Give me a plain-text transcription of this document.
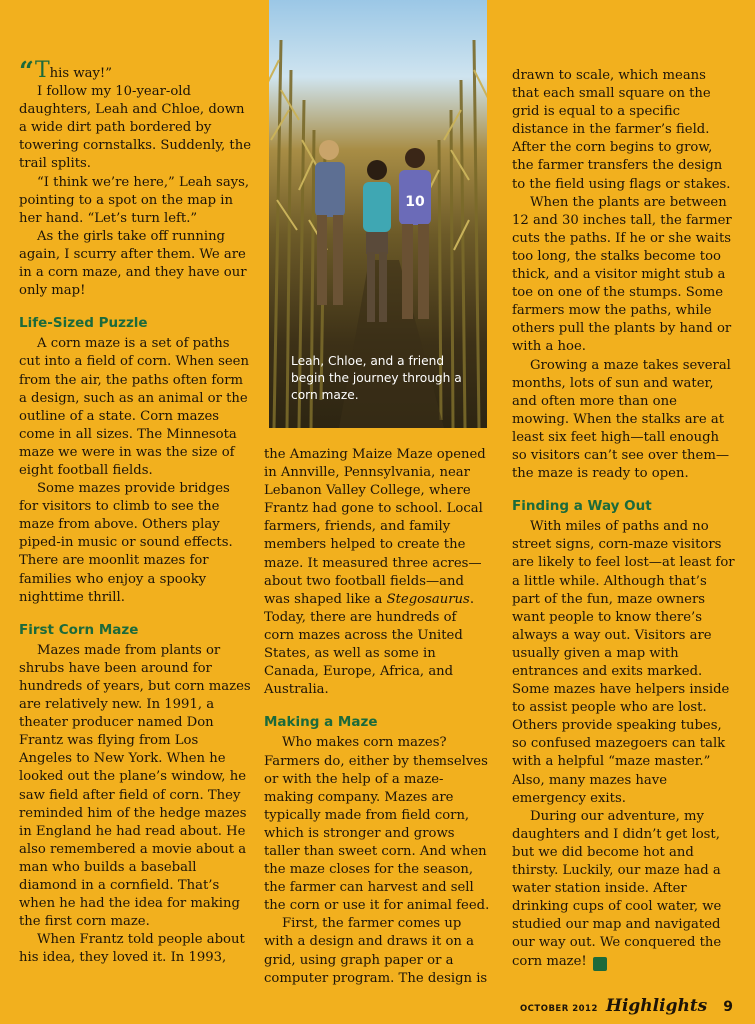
“This way!”

I follow my 10-year-old daughters, Leah and Chloe, down a wide dirt path bordered by towering cornstalks. Suddenly, the trail splits.

“I think we’re here,” Leah says, pointing to a spot on the map in her hand. “Let’s turn left.”

As the girls take off running again, I scurry after them. We are in a corn maze, and they have our only map!

Life-Sized Puzzle

A corn maze is a set of paths cut into a field of corn. When seen from the air, the paths often form a design, such as an animal or the outline of a state. Corn mazes come in all sizes. The Minnesota maze we were in was the size of eight football fields.

Some mazes provide bridges for visitors to climb to see the maze from above. Others play piped-in music or sound effects. There are moonlit mazes for families who enjoy a spooky nighttime thrill.

First Corn Maze

Mazes made from plants or shrubs have been around for hundreds of years, but corn mazes are relatively new. In 1991, a theater producer named Don Frantz was flying from Los Angeles to New York. When he looked out the plane’s window, he saw field after field of corn. They reminded him of the hedge mazes in England he had read about. He also remembered a movie about a man who builds a baseball diamond in a cornfield. That’s when he had the idea for making the first corn maze.

When Frantz told people about his idea, they loved it. In 1993,

10
Leah, Chloe, and a friend begin the journey through a corn maze.

the Amazing Maize Maze opened in Annville, Pennsylvania, near Lebanon Valley College, where Frantz had gone to school. Local farmers, friends, and family members helped to create the maze. It measured three acres—about two football fields—and was shaped like a Stegosaurus. Today, there are hundreds of corn mazes across the United States, as well as some in Canada, Europe, Africa, and Australia.

Making a Maze

Who makes corn mazes? Farmers do, either by themselves or with the help of a maze-making company. Mazes are typically made from field corn, which is stronger and grows taller than sweet corn. And when the maze closes for the season, the farmer can harvest and sell the corn or use it for animal feed.

First, the farmer comes up with a design and draws it on a grid, using graph paper or a computer program. The design is

drawn to scale, which means that each small square on the grid is equal to a specific distance in the farmer’s field. After the corn begins to grow, the farmer transfers the design to the field using flags or stakes.

When the plants are between 12 and 30 inches tall, the farmer cuts the paths. If he or she waits too long, the stalks become too thick, and a visitor might stub a toe on one of the stumps. Some farmers mow the paths, while others pull the plants by hand or with a hoe.

Growing a maze takes several months, lots of sun and water, and often more than one mowing. When the stalks are at least six feet high—tall enough so visitors can’t see over them—the maze is ready to open.

Finding a Way Out

With miles of paths and no street signs, corn-maze visitors are likely to feel lost—at least for a little while. Although that’s part of the fun, maze owners want people to know there’s always a way out. Visitors are usually given a map with entrances and exits marked. Some mazes have helpers inside to assist people who are lost. Others provide speaking tubes, so confused mazegoers can talk with a helpful “maze master.” Also, many mazes have emergency exits.

During our adventure, my daughters and I didn’t get lost, but we did become hot and thirsty. Luckily, our maze had a water station inside. After drinking cups of cool water, we studied our map and navigated our way out. We conquered the corn maze! H

OCTOBER 2012 Highlights 9
